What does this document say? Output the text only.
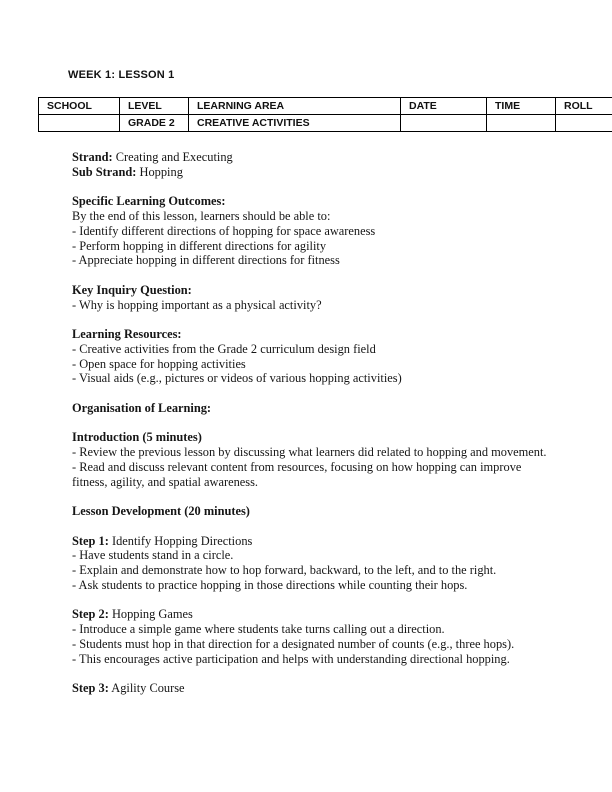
WEEK 1: LESSON 1
SCHOOL	LEVEL	LEARNING AREA	DATE	TIME	ROLL
	GRADE 2	CREATIVE ACTIVITIES			
Strand: Creating and Executing
Sub Strand: Hopping
Specific Learning Outcomes:
By the end of this lesson, learners should be able to:
- Identify different directions of hopping for space awareness
- Perform hopping in different directions for agility
- Appreciate hopping in different directions for fitness
Key Inquiry Question:
- Why is hopping important as a physical activity?
Learning Resources:
- Creative activities from the Grade 2 curriculum design field
- Open space for hopping activities
- Visual aids (e.g., pictures or videos of various hopping activities)
Organisation of Learning:
Introduction (5 minutes)
- Review the previous lesson by discussing what learners did related to hopping and movement.
- Read and discuss relevant content from resources, focusing on how hopping can improve
fitness, agility, and spatial awareness.
Lesson Development (20 minutes)
Step 1: Identify Hopping Directions
- Have students stand in a circle.
- Explain and demonstrate how to hop forward, backward, to the left, and to the right.
- Ask students to practice hopping in those directions while counting their hops.
Step 2: Hopping Games
- Introduce a simple game where students take turns calling out a direction.
- Students must hop in that direction for a designated number of counts (e.g., three hops).
- This encourages active participation and helps with understanding directional hopping.
Step 3: Agility Course
